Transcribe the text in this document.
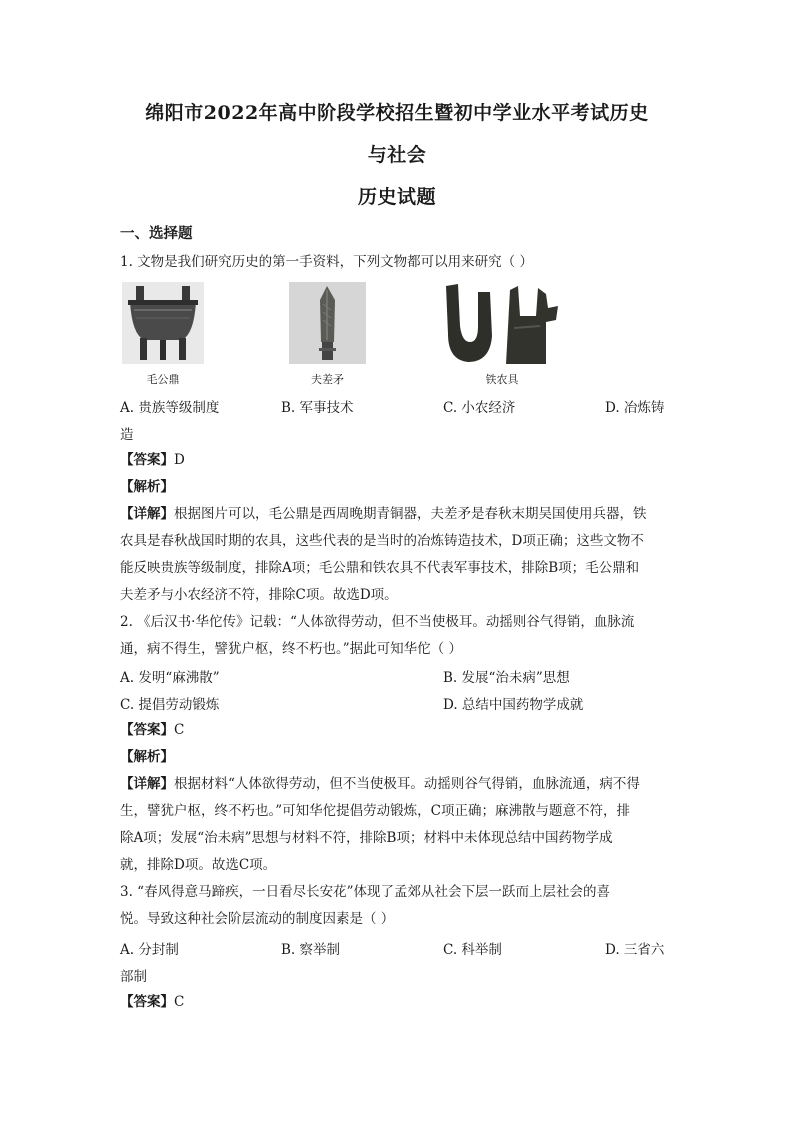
绵阳市2022年高中阶段学校招生暨初中学业水平考试历史
与社会
历史试题
一、选择题
1. 文物是我们研究历史的第一手资料，下列文物都可以用来研究（ ）
毛公鼎	夫差矛	铁农具
A. 贵族等级制度	B. 军事技术	C. 小农经济	D. 冶炼铸
造
【答案】D
【解析】
【详解】根据图片可以，毛公鼎是西周晚期青铜器，夫差矛是春秋末期吴国使用兵器，铁
农具是春秋战国时期的农具，这些代表的是当时的冶炼铸造技术，D项正确；这些文物不
能反映贵族等级制度，排除A项；毛公鼎和铁农具不代表军事技术，排除B项；毛公鼎和
夫差矛与小农经济不符，排除C项。故选D项。
2. 《后汉书·华佗传》记载：“人体欲得劳动，但不当使极耳。动摇则谷气得销，血脉流
通，病不得生，譬犹户枢，终不朽也。”据此可知华佗（ ）
A. 发明“麻沸散”	B. 发展“治未病”思想
C. 提倡劳动锻炼	D. 总结中国药物学成就
【答案】C
【解析】
【详解】根据材料“人体欲得劳动，但不当使极耳。动摇则谷气得销，血脉流通，病不得
生，譬犹户枢，终不朽也。”可知华佗提倡劳动锻炼，C项正确；麻沸散与题意不符，排
除A项；发展“治未病”思想与材料不符，排除B项；材料中未体现总结中国药物学成
就，排除D项。故选C项。
3. “春风得意马蹄疾，一日看尽长安花”体现了孟郊从社会下层一跃而上层社会的喜
悦。导致这种社会阶层流动的制度因素是（ ）
A. 分封制	B. 察举制	C. 科举制	D. 三省六
部制
【答案】C
